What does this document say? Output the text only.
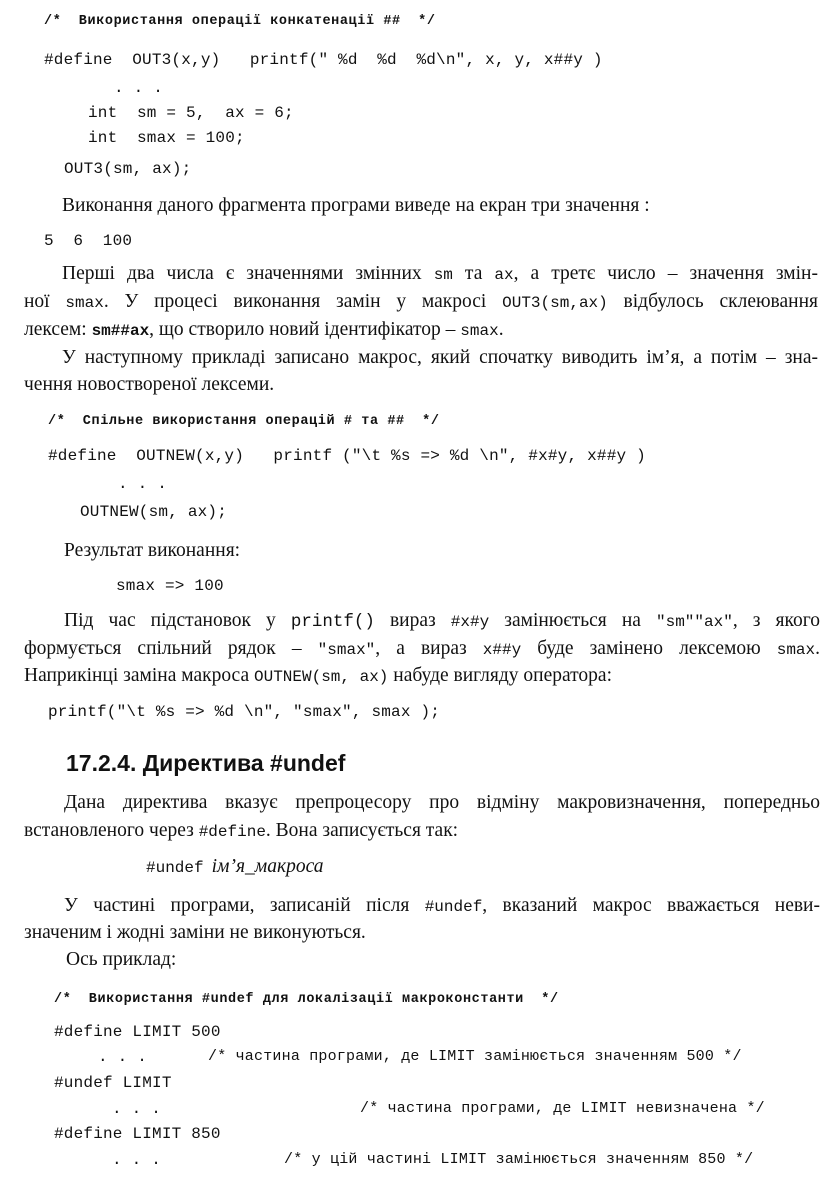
/*  Використання операції конкатенації ##  */
#define  OUT3(x,y)   printf(" %d  %d  %d\n", x, y, x##y )
. . .
int  sm = 5,  ax = 6;
int  smax = 100;
OUT3(sm, ax);
Виконання даного фрагмента програми виведе на екран три значення :
5  6  100
Перші два числа є значеннями змінних sm та ax, а третє число – значення змін-
ної smax. У процесі виконання замін у макросі OUT3(sm,ax) відбулось склеювання
лексем: sm##ax, що створило новий ідентифікатор – smax.
У наступному прикладі записано макрос, який спочатку виводить ім’я, а потім – зна-
чення новоствореної лексеми.
/*  Спільне використання операцій # та ##  */
#define  OUTNEW(x,y)   printf ("\t %s => %d \n", #x#y, x##y )
. . .
OUTNEW(sm, ax);
Результат виконання:
smax => 100
Під час підстановок у printf() вираз #x#y замінюється на "sm""ax", з якого
формується спільний рядок – "smax", а вираз x##y буде замінено лексемою smax.
Наприкінці заміна макроса OUTNEW(sm, ax) набуде вигляду оператора:
printf("\t %s => %d \n", "smax", smax );
17.2.4. Директива #undef
Дана директива вказує препроцесору про відміну макровизначення, попередньо
встановленого через #define. Вона записується так:
#undef ім’я_макроса
У частині програми, записаній після #undef, вказаний макрос вважається неви-
значеним і жодні заміни не виконуються.
Ось приклад:
/*  Використання #undef для локалізації макроконстанти  */
#define LIMIT 500
. . .	/* частина програми, де LIMIT замінюється значенням 500 */
#undef LIMIT
. . .	/* частина програми, де LIMIT невизначена */
#define LIMIT 850
. . .	/* у цій частині LIMIT замінюється значенням 850 */
